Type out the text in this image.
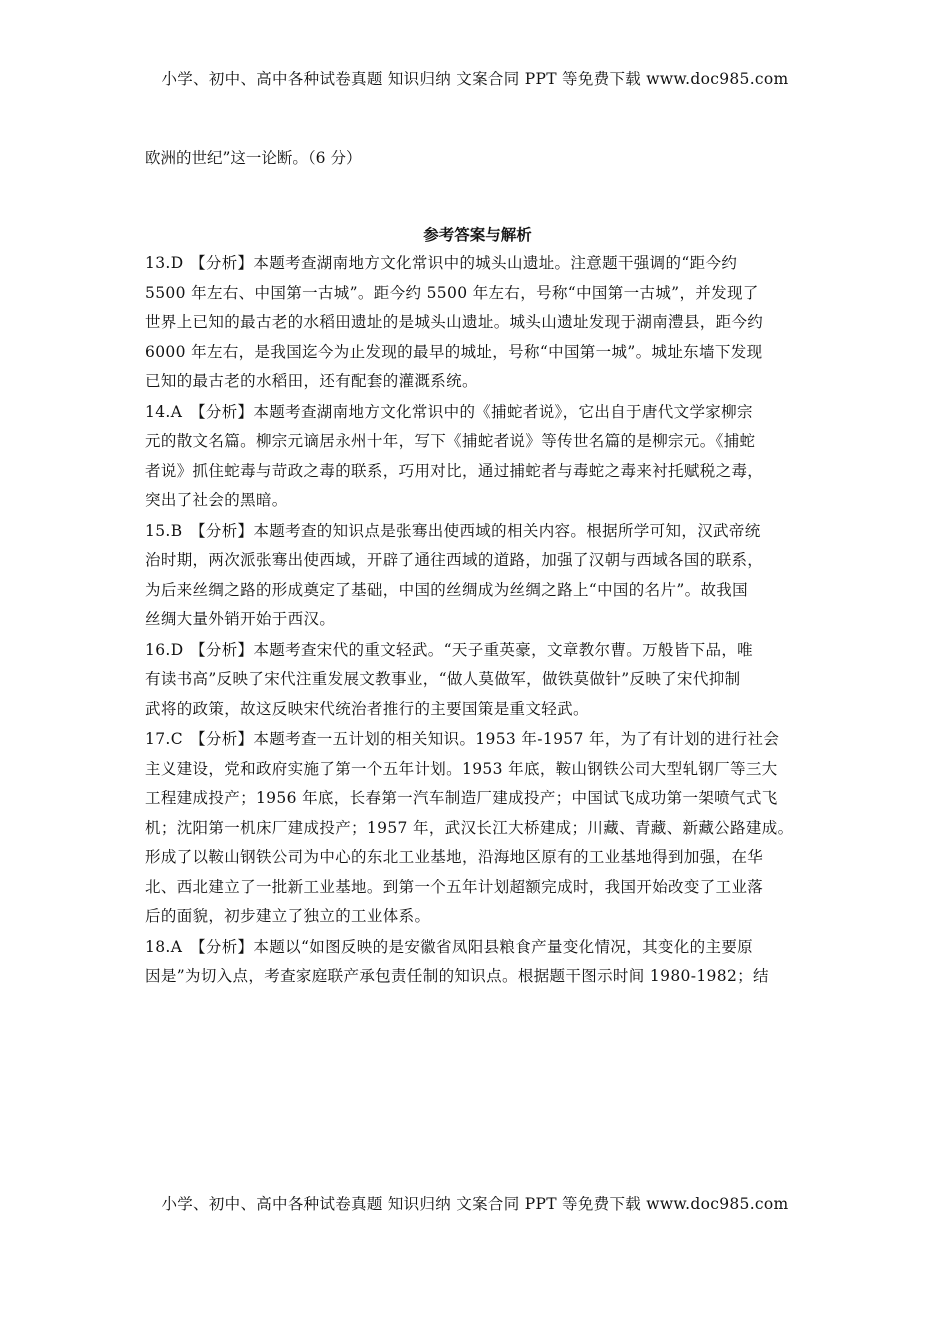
小学、初中、高中各种试卷真题 知识归纳 文案合同 PPT 等免费下载 www.doc985.com
欧洲的世纪”这一论断。（6 分）
参考答案与解析
13.D 【分析】本题考查湖南地方文化常识中的城头山遗址。注意题干强调的“距今约
5500 年左右、中国第一古城”。距今约 5500 年左右，号称“中国第一古城”，并发现了
世界上已知的最古老的水稻田遗址的是城头山遗址。城头山遗址发现于湖南澧县，距今约
6000 年左右，是我国迄今为止发现的最早的城址，号称“中国第一城”。城址东墙下发现
已知的最古老的水稻田，还有配套的灌溉系统。
14.A 【分析】本题考查湖南地方文化常识中的《捕蛇者说》，它出自于唐代文学家柳宗
元的散文名篇。柳宗元谪居永州十年，写下《捕蛇者说》等传世名篇的是柳宗元。《捕蛇
者说》抓住蛇毒与苛政之毒的联系，巧用对比，通过捕蛇者与毒蛇之毒来衬托赋税之毒，
突出了社会的黑暗。
15.B 【分析】本题考查的知识点是张骞出使西域的相关内容。根据所学可知，汉武帝统
治时期，两次派张骞出使西域，开辟了通往西域的道路，加强了汉朝与西域各国的联系，
为后来丝绸之路的形成奠定了基础，中国的丝绸成为丝绸之路上“中国的名片”。故我国
丝绸大量外销开始于西汉。
16.D 【分析】本题考查宋代的重文轻武。“天子重英豪，文章教尔曹。万般皆下品，唯
有读书高”反映了宋代注重发展文教事业，“做人莫做军，做铁莫做针”反映了宋代抑制
武将的政策，故这反映宋代统治者推行的主要国策是重文轻武。
17.C 【分析】本题考查一五计划的相关知识。1953 年-1957 年，为了有计划的进行社会
主义建设，党和政府实施了第一个五年计划。1953 年底，鞍山钢铁公司大型轧钢厂等三大
工程建成投产；1956 年底，长春第一汽车制造厂建成投产；中国试飞成功第一架喷气式飞
机；沈阳第一机床厂建成投产；1957 年，武汉长江大桥建成；川藏、青藏、新藏公路建成。
形成了以鞍山钢铁公司为中心的东北工业基地，沿海地区原有的工业基地得到加强，在华
北、西北建立了一批新工业基地。到第一个五年计划超额完成时，我国开始改变了工业落
后的面貌，初步建立了独立的工业体系。
18.A 【分析】本题以“如图反映的是安徽省凤阳县粮食产量变化情况，其变化的主要原
因是”为切入点，考查家庭联产承包责任制的知识点。根据题干图示时间 1980-1982；结
小学、初中、高中各种试卷真题 知识归纳 文案合同 PPT 等免费下载 www.doc985.com
